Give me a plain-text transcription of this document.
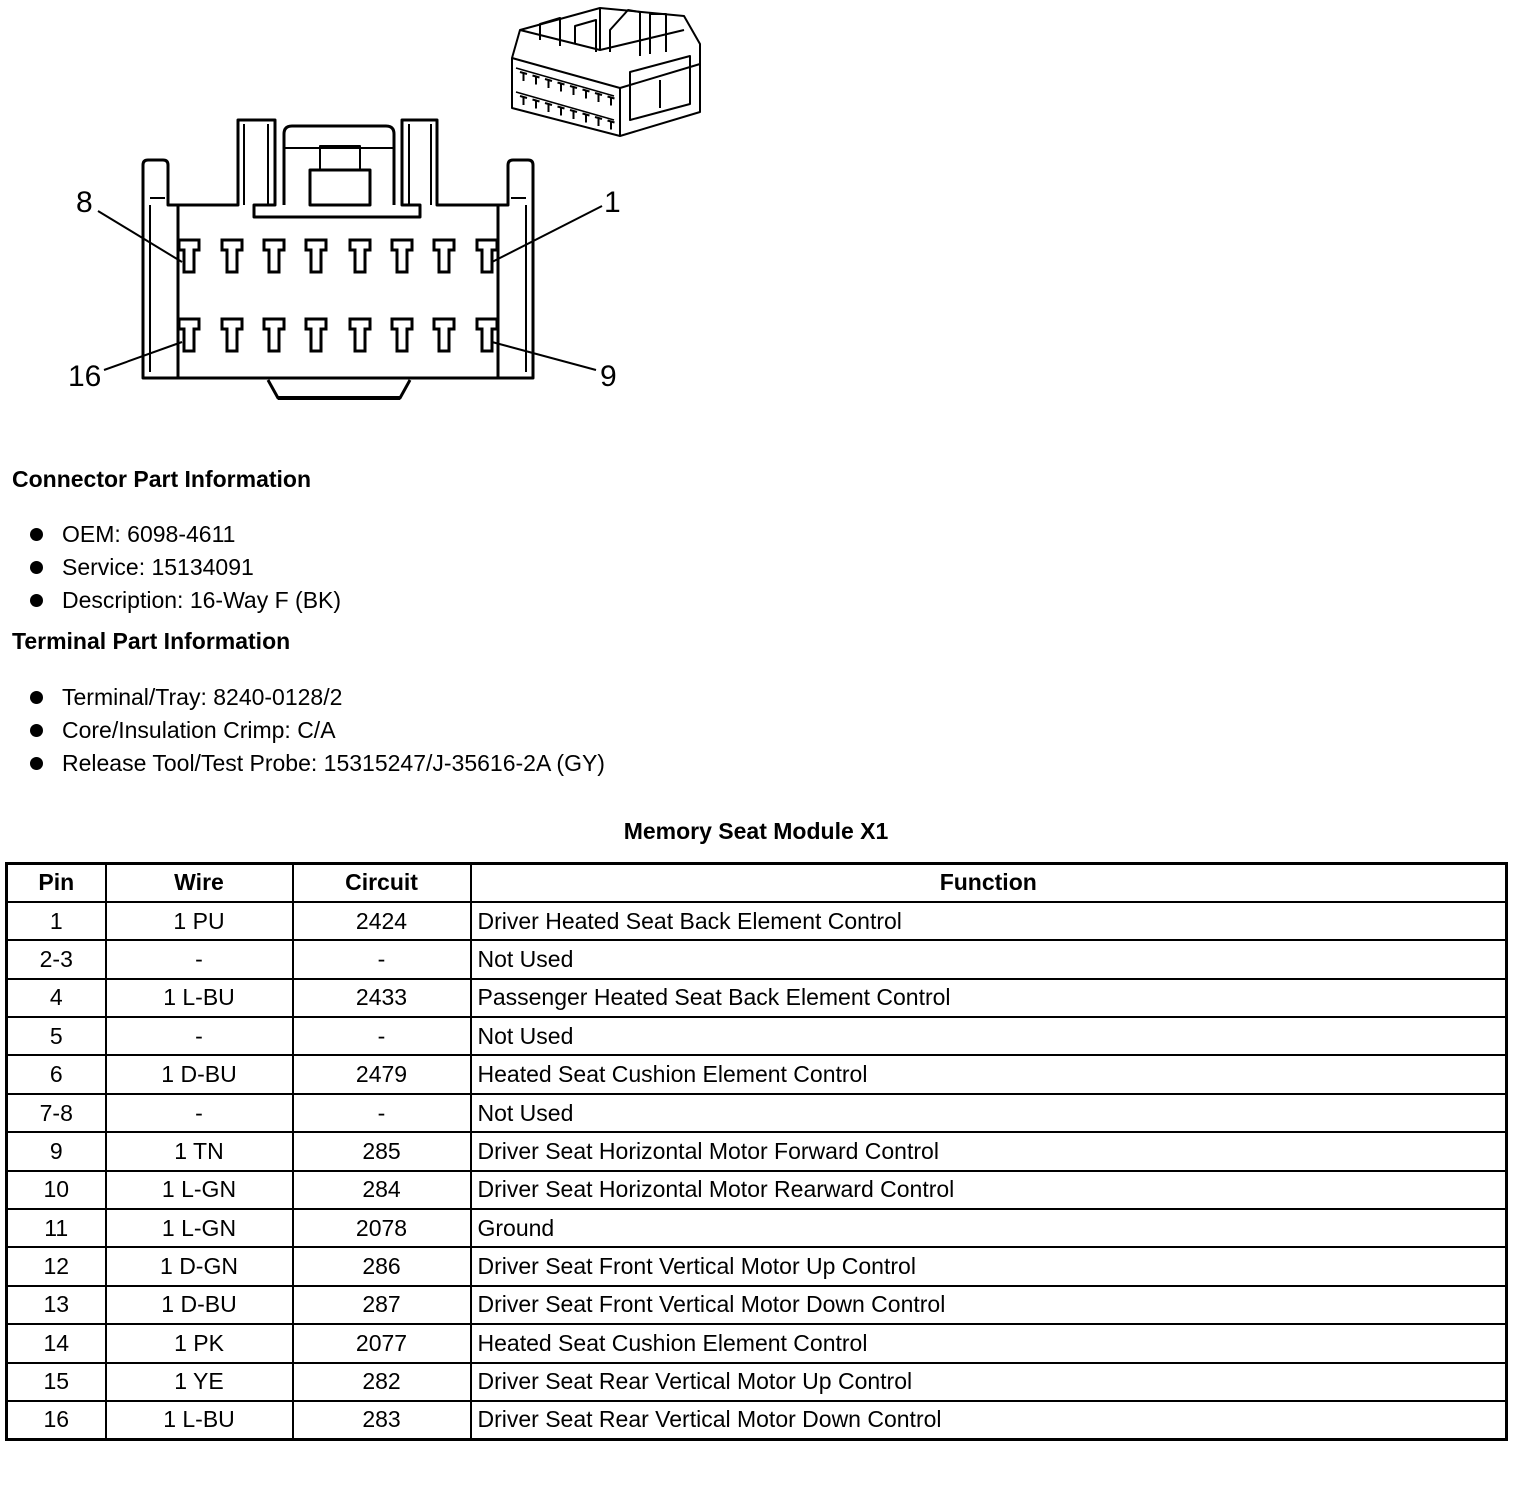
8	1
16	9
Connector Part Information
OEM: 6098-4611
Service: 15134091
Description: 16-Way F (BK)
Terminal Part Information
Terminal/Tray: 8240-0128/2
Core/Insulation Crimp: C/A
Release Tool/Test Probe: 15315247/J-35616-2A (GY)
Memory Seat Module X1
Pin	Wire	Circuit	Function
1	1 PU	2424	Driver Heated Seat Back Element Control
2-3	-	-	Not Used
4	1 L-BU	2433	Passenger Heated Seat Back Element Control
5	-	-	Not Used
6	1 D-BU	2479	Heated Seat Cushion Element Control
7-8	-	-	Not Used
9	1 TN	285	Driver Seat Horizontal Motor Forward Control
10	1 L-GN	284	Driver Seat Horizontal Motor Rearward Control
11	1 L-GN	2078	Ground
12	1 D-GN	286	Driver Seat Front Vertical Motor Up Control
13	1 D-BU	287	Driver Seat Front Vertical Motor Down Control
14	1 PK	2077	Heated Seat Cushion Element Control
15	1 YE	282	Driver Seat Rear Vertical Motor Up Control
16	1 L-BU	283	Driver Seat Rear Vertical Motor Down Control
